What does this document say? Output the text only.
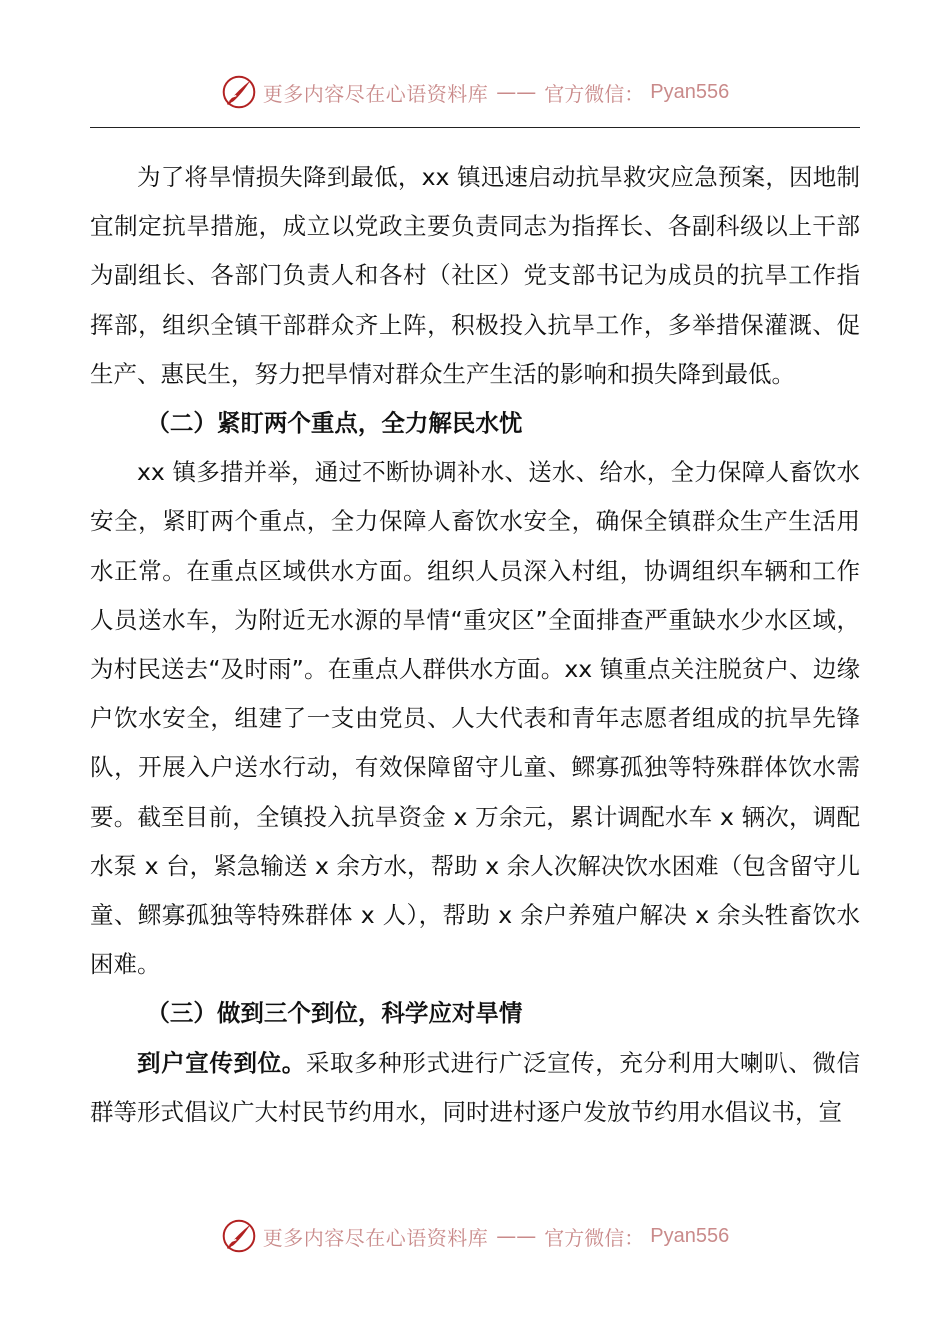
更多内容尽在心语资料库 —— 官方微信： Pyan556

为了将旱情损失降到最低，xx 镇迅速启动抗旱救灾应急预案，因地制宜制定抗旱措施，成立以党政主要负责同志为指挥长、各副科级以上干部为副组长、各部门负责人和各村（社区）党支部书记为成员的抗旱工作指挥部，组织全镇干部群众齐上阵，积极投入抗旱工作，多举措保灌溉、促生产、惠民生，努力把旱情对群众生产生活的影响和损失降到最低。

（二）紧盯两个重点，全力解民水忧

xx 镇多措并举，通过不断协调补水、送水、给水，全力保障人畜饮水安全，紧盯两个重点，全力保障人畜饮水安全，确保全镇群众生产生活用水正常。在重点区域供水方面。组织人员深入村组，协调组织车辆和工作人员送水车，为附近无水源的旱情“重灾区”全面排查严重缺水少水区域，为村民送去“及时雨”。在重点人群供水方面。xx 镇重点关注脱贫户、边缘户饮水安全，组建了一支由党员、人大代表和青年志愿者组成的抗旱先锋队，开展入户送水行动，有效保障留守儿童、鳏寡孤独等特殊群体饮水需要。截至目前，全镇投入抗旱资金 x 万余元，累计调配水车 x 辆次，调配水泵 x 台，紧急输送 x 余方水，帮助 x 余人次解决饮水困难（包含留守儿童、鳏寡孤独等特殊群体 x 人），帮助 x 余户养殖户解决 x 余头牲畜饮水困难。

（三）做到三个到位，科学应对旱情

到户宣传到位。采取多种形式进行广泛宣传，充分利用大喇叭、微信群等形式倡议广大村民节约用水，同时进村逐户发放节约用水倡议书，宣

更多内容尽在心语资料库 —— 官方微信： Pyan556
